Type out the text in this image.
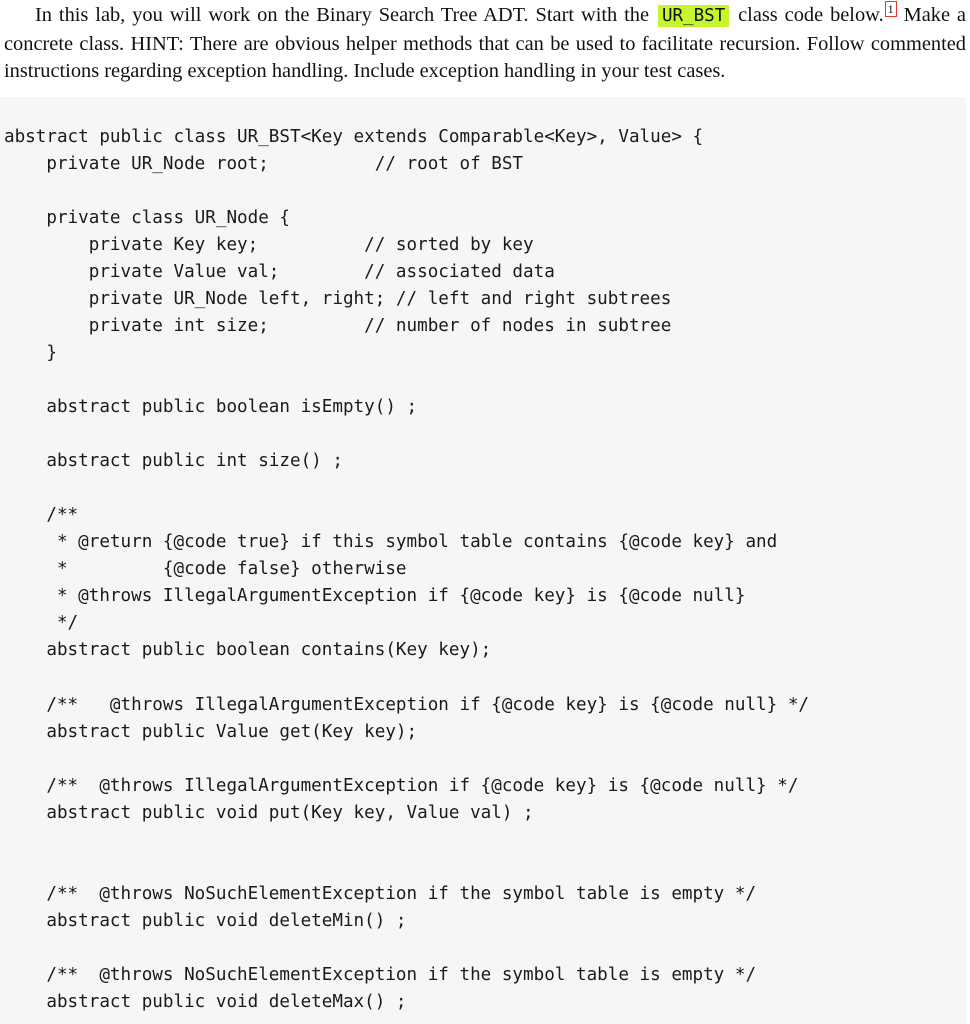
In this lab, you will work on the Binary Search Tree ADT. Start with the UR_BST class code below. 1 Make a concrete class. HINT: There are obvious helper methods that can be used to facilitate recursion. Follow commented instructions regarding exception handling. Include exception handling in your test cases.
abstract public class UR_BST<Key extends Comparable<Key>, Value> {
private UR_Node root;          // root of BST
private class UR_Node {
private Key key;          // sorted by key
private Value val;        // associated data
private UR_Node left, right; // left and right subtrees
private int size;         // number of nodes in subtree
}
abstract public boolean isEmpty() ;
abstract public int size() ;
/**
* @return {@code true} if this symbol table contains {@code key} and
*         {@code false} otherwise
* @throws IllegalArgumentException if {@code key} is {@code null}
*/
abstract public boolean contains(Key key);
/**   @throws IllegalArgumentException if {@code key} is {@code null} */
abstract public Value get(Key key);
/**  @throws IllegalArgumentException if {@code key} is {@code null} */
abstract public void put(Key key, Value val) ;
/**  @throws NoSuchElementException if the symbol table is empty */
abstract public void deleteMin() ;
/**  @throws NoSuchElementException if the symbol table is empty */
abstract public void deleteMax() ;
